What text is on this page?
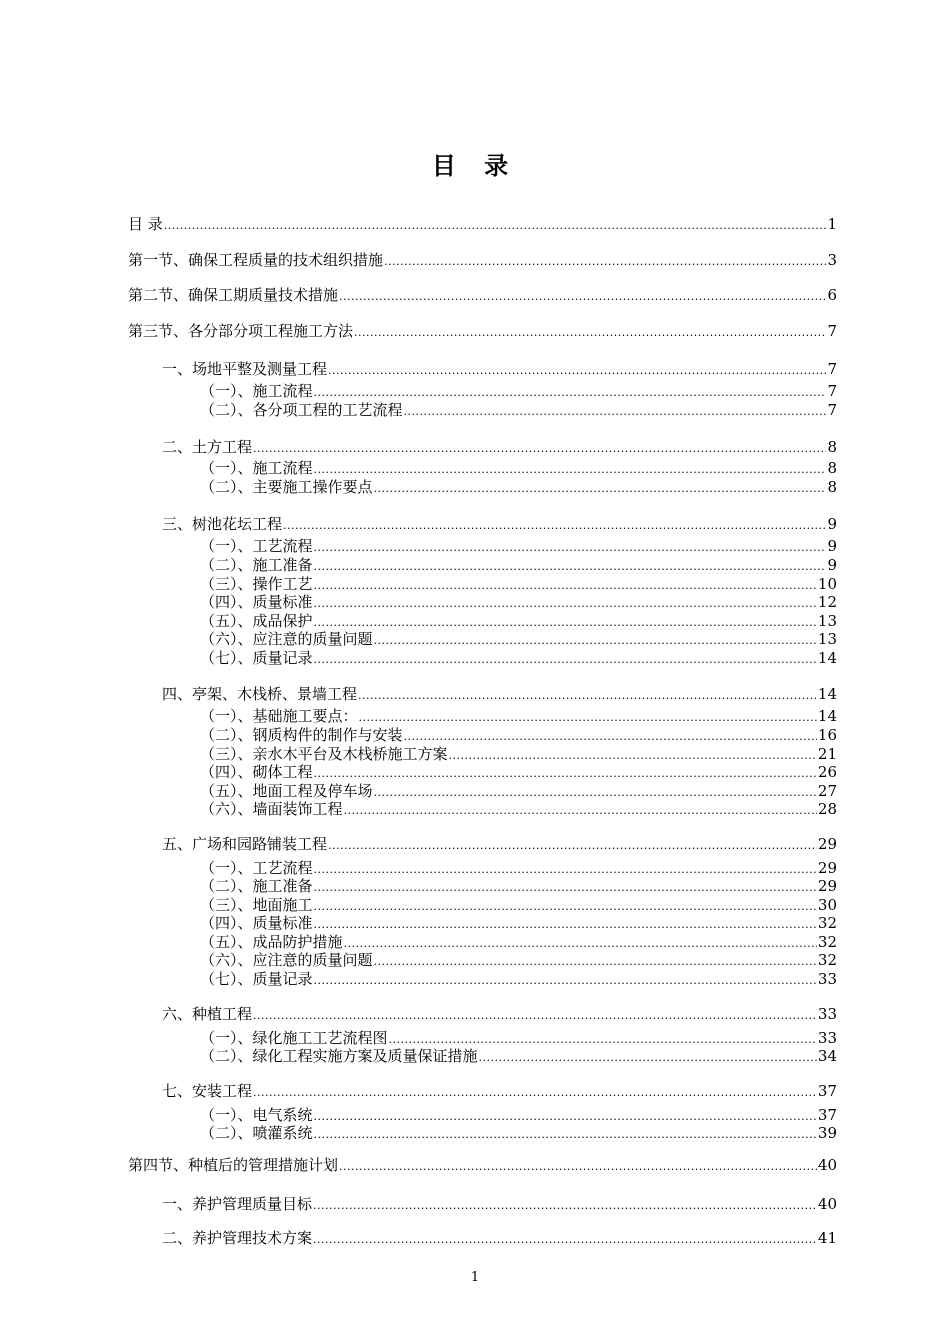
目 录
目 录 .....	1
第一节、确保工程质量的技术组织措施 .....	3
第二节、确保工期质量技术措施 .....	6
第三节、各分部分项工程施工方法 .....	7
一、场地平整及测量工程 .....	7
（一）、施工流程 .....	7
（二）、各分项工程的工艺流程 .....	7
二、土方工程 .....	8
（一）、施工流程 .....	8
（二）、主要施工操作要点 .....	8
三、树池花坛工程 .....	9
（一）、工艺流程 .....	9
（二）、施工准备 .....	9
（三）、操作工艺 .....	10
（四）、质量标准 .....	12
（五）、成品保护 .....	13
（六）、应注意的质量问题 .....	13
（七）、质量记录 .....	14
四、亭架、木栈桥、景墙工程 .....	14
（一）、基础施工要点： .....	14
（二）、钢质构件的制作与安装 .....	16
（三）、亲水木平台及木栈桥施工方案 .....	21
（四）、砌体工程 .....	26
（五）、地面工程及停车场 .....	27
（六）、墙面装饰工程 .....	28
五、广场和园路铺装工程 .....	29
（一）、工艺流程 .....	29
（二）、施工准备 .....	29
（三）、地面施工 .....	30
（四）、质量标准 .....	32
（五）、成品防护措施 .....	32
（六）、应注意的质量问题 .....	32
（七）、质量记录 .....	33
六、种植工程 .....	33
（一）、绿化施工工艺流程图 .....	33
（二）、绿化工程实施方案及质量保证措施 .....	34
七、安装工程 .....	37
（一）、电气系统 .....	37
（二）、喷灌系统 .....	39
第四节、种植后的管理措施计划 .....	40
一、养护管理质量目标 .....	40
二、养护管理技术方案 .....	41
1
